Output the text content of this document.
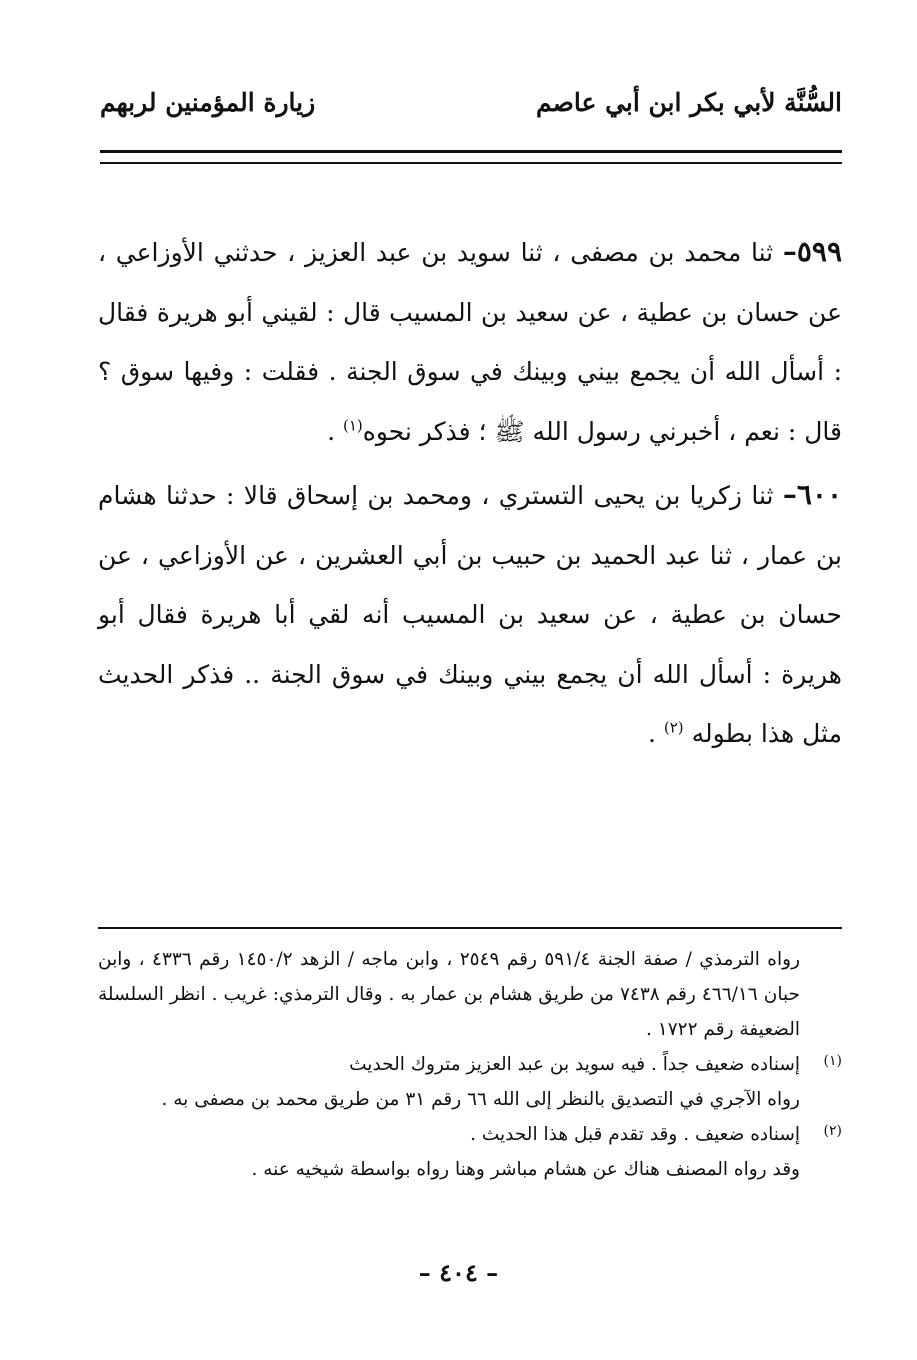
السُّنَّة لأبي بكر ابن أبي عاصم
زيارة المؤمنين لربهم

٥٩٩– ثنا محمد بن مصفى ، ثنا سويد بن عبد العزيز ، حدثني الأوزاعي ، عن حسان بن عطية ، عن سعيد بن المسيب قال : لقيني أبو هريرة فقال : أسأل الله أن يجمع بيني وبينك في سوق الجنة . فقلت : وفيها سوق ؟ قال : نعم ، أخبرني رسول الله ﷺ ؛ فذكر نحوه$^{(١)}$ .

٦٠٠– ثنا زكريا بن يحيى التستري ، ومحمد بن إسحاق قالا : حدثنا هشام بن عمار ، ثنا عبد الحميد بن حبيب بن أبي العشرين ، عن الأوزاعي ، عن حسان بن عطية ، عن سعيد بن المسيب أنه لقي أبا هريرة فقال أبو هريرة : أسأل الله أن يجمع بيني وبينك في سوق الجنة .. فذكر الحديث مثل هذا بطوله $^{(٢)}$ .

رواه الترمذي / صفة الجنة ٥٩١/٤ رقم ٢٥٤٩ ، وابن ماجه / الزهد ١٤٥٠/٢ رقم ٤٣٣٦ ، وابن حبان ٤٦٦/١٦ رقم ٧٤٣٨ من طريق هشام بن عمار به . وقال الترمذي: غريب . انظر السلسلة الضعيفة رقم ١٧٢٢ .

(١)

إسناده ضعيف جداً . فيه سويد بن عبد العزيز متروك الحديث

رواه الآجري في التصديق بالنظر إلى الله ٦٦ رقم ٣١ من طريق محمد بن مصفى به .

(٢)

إسناده ضعيف . وقد تقدم قبل هذا الحديث .

وقد رواه المصنف هناك عن هشام مباشر وهنا رواه بواسطة شيخيه عنه .

– ٤٠٤ –
